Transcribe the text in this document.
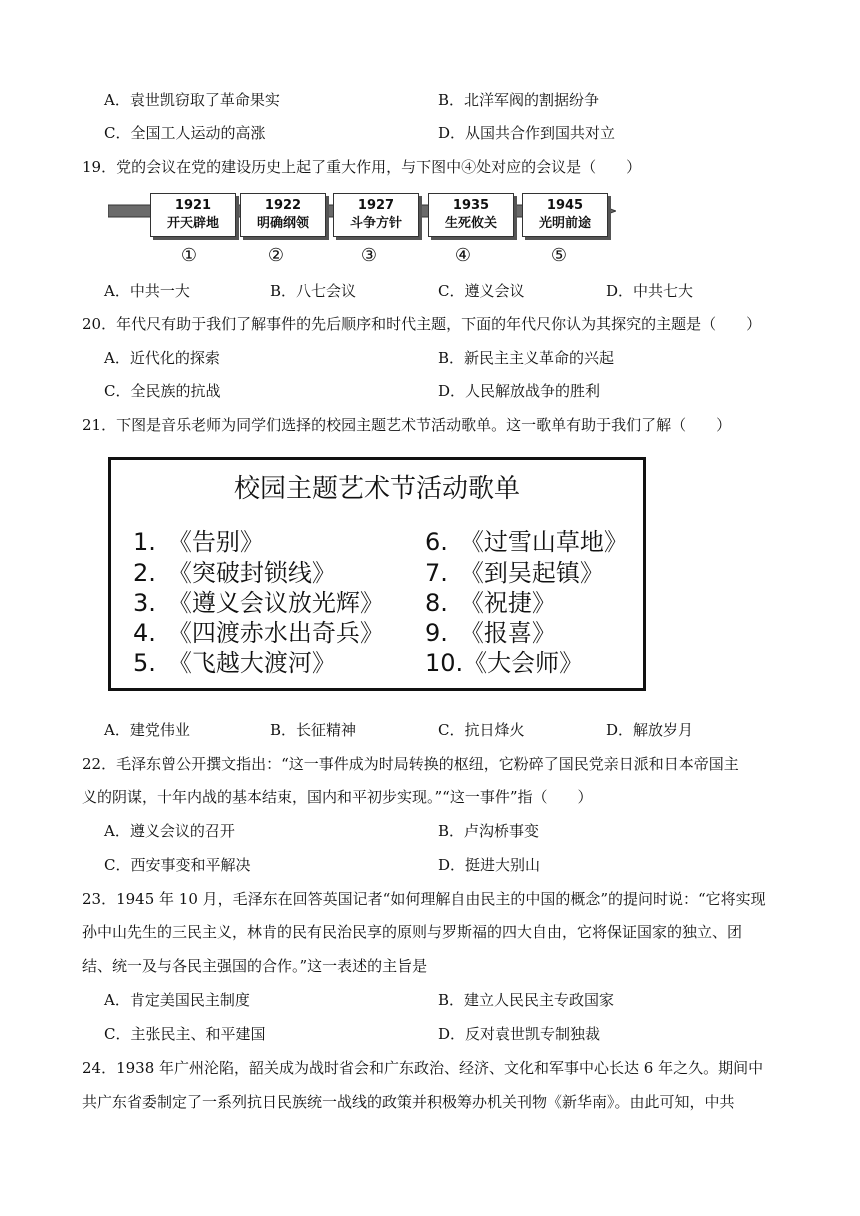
A．袁世凯窃取了革命果实	B．北洋军阀的割据纷争
C．全国工人运动的高涨	D．从国共合作到国共对立
19．党的会议在党的建设历史上起了重大作用，与下图中④处对应的会议是（　　）
1921
开天辟地
1922
明确纲领
1927
斗争方针
1935
生死攸关
1945
光明前途
①	②	③	④	⑤
A．中共一大	B．八七会议	C．遵义会议	D．中共七大
20．年代尺有助于我们了解事件的先后顺序和时代主题，下面的年代尺你认为其探究的主题是（　　）
A．近代化的探索	B．新民主主义革命的兴起
C．全民族的抗战	D．人民解放战争的胜利
21．下图是音乐老师为同学们选择的校园主题艺术节活动歌单。这一歌单有助于我们了解（　　）
校园主题艺术节活动歌单
1.　《告别》
2.　《突破封锁线》
3.　《遵义会议放光辉》
4.　《四渡赤水出奇兵》
5.　《飞越大渡河》
6.　《过雪山草地》
7.　《到吴起镇》
8.　《祝捷》
9.　《报喜》
10.《大会师》
A．建党伟业	B．长征精神	C．抗日烽火	D．解放岁月
22．毛泽东曾公开撰文指出：“这一事件成为时局转换的枢纽，它粉碎了国民党亲日派和日本帝国主
义的阴谋，十年内战的基本结束，国内和平初步实现。”“这一事件”指（　　）
A．遵义会议的召开	B．卢沟桥事变
C．西安事变和平解决	D．挺进大别山
23．1945 年 10 月，毛泽东在回答英国记者“如何理解自由民主的中国的概念”的提问时说：“它将实现
孙中山先生的三民主义，林肯的民有民治民享的原则与罗斯福的四大自由，它将保证国家的独立、团
结、统一及与各民主强国的合作。”这一表述的主旨是
A．肯定美国民主制度	B．建立人民民主专政国家
C．主张民主、和平建国	D．反对袁世凯专制独裁
24．1938 年广州沦陷，韶关成为战时省会和广东政治、经济、文化和军事中心长达 6 年之久。期间中
共广东省委制定了一系列抗日民族统一战线的政策并积极筹办机关刊物《新华南》。由此可知，中共
